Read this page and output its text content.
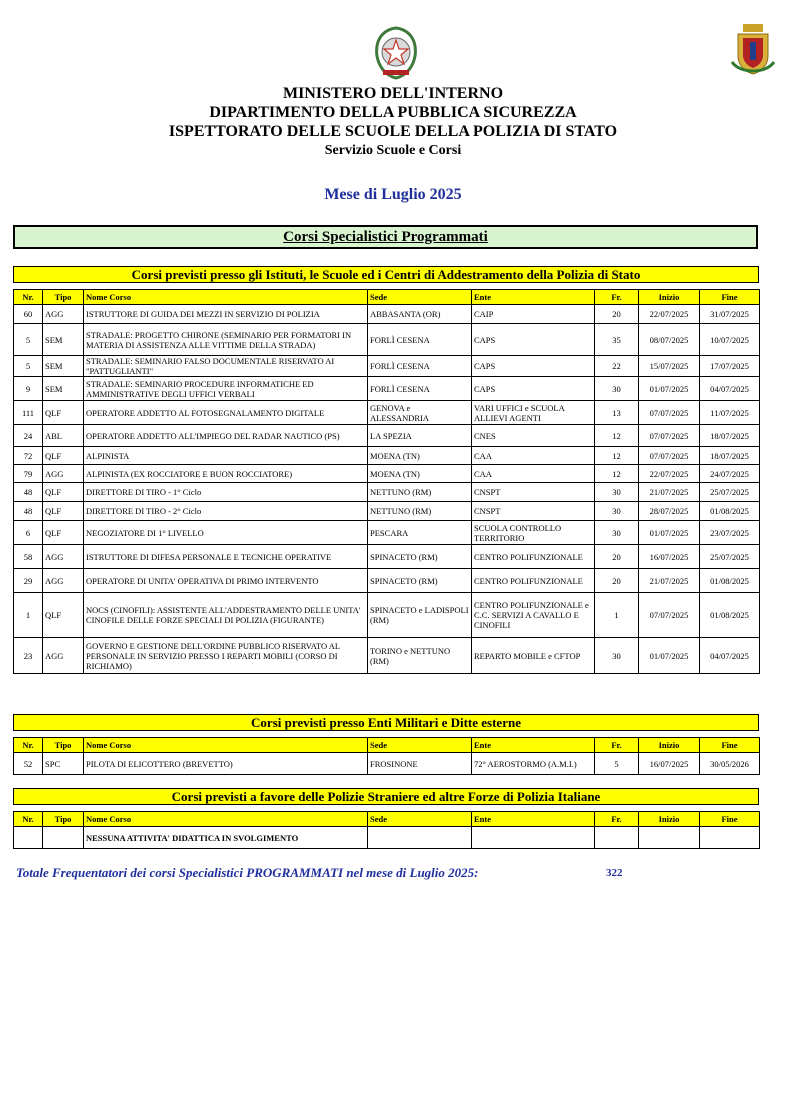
MINISTERO DELL'INTERNO
DIPARTIMENTO DELLA PUBBLICA SICUREZZA
ISPETTORATO DELLE SCUOLE DELLA POLIZIA DI STATO
Servizio Scuole e Corsi
Mese di Luglio 2025
Corsi Specialistici Programmati
Corsi previsti presso gli Istituti, le Scuole ed i Centri di Addestramento della Polizia di Stato
Nr.	Tipo	Nome Corso	Sede	Ente	Fr.	Inizio	Fine
60	AGG	ISTRUTTORE DI GUIDA DEI MEZZI IN SERVIZIO DI POLIZIA	ABBASANTA (OR)	CAIP	20	22/07/2025	31/07/2025
5	SEM	STRADALE: PROGETTO CHIRONE (SEMINARIO PER FORMATORI IN MATERIA DI ASSISTENZA ALLE VITTIME DELLA STRADA)	FORLÌ CESENA	CAPS	35	08/07/2025	10/07/2025
5	SEM	STRADALE: SEMINARIO FALSO DOCUMENTALE RISERVATO AI "PATTUGLIANTI"	FORLÌ CESENA	CAPS	22	15/07/2025	17/07/2025
9	SEM	STRADALE: SEMINARIO PROCEDURE INFORMATICHE ED AMMINISTRATIVE DEGLI UFFICI VERBALI	FORLÌ CESENA	CAPS	30	01/07/2025	04/07/2025
111	QLF	OPERATORE ADDETTO AL FOTOSEGNALAMENTO DIGITALE	GENOVA e ALESSANDRIA	VARI UFFICI e SCUOLA ALLIEVI AGENTI	13	07/07/2025	11/07/2025
24	ABL	OPERATORE ADDETTO ALL'IMPIEGO DEL RADAR NAUTICO (PS)	LA SPEZIA	CNES	12	07/07/2025	18/07/2025
72	QLF	ALPINISTA	MOENA (TN)	CAA	12	07/07/2025	18/07/2025
79	AGG	ALPINISTA (EX ROCCIATORE E BUON ROCCIATORE)	MOENA (TN)	CAA	12	22/07/2025	24/07/2025
48	QLF	DIRETTORE DI TIRO - 1° Ciclo	NETTUNO (RM)	CNSPT	30	21/07/2025	25/07/2025
48	QLF	DIRETTORE DI TIRO - 2° Ciclo	NETTUNO (RM)	CNSPT	30	28/07/2025	01/08/2025
6	QLF	NEGOZIATORE DI 1° LIVELLO	PESCARA	SCUOLA CONTROLLO TERRITORIO	30	01/07/2025	23/07/2025
58	AGG	ISTRUTTORE DI DIFESA PERSONALE E TECNICHE OPERATIVE	SPINACETO (RM)	CENTRO POLIFUNZIONALE	20	16/07/2025	25/07/2025
29	AGG	OPERATORE DI UNITA' OPERATIVA DI PRIMO INTERVENTO	SPINACETO (RM)	CENTRO POLIFUNZIONALE	20	21/07/2025	01/08/2025
1	QLF	NOCS (CINOFILI): ASSISTENTE ALL'ADDESTRAMENTO DELLE UNITA' CINOFILE DELLE FORZE SPECIALI DI POLIZIA (FIGURANTE)	SPINACETO e LADISPOLI (RM)	CENTRO POLIFUNZIONALE e C.C. SERVIZI A CAVALLO E CINOFILI	1	07/07/2025	01/08/2025
23	AGG	GOVERNO E GESTIONE DELL'ORDINE PUBBLICO RISERVATO AL PERSONALE IN SERVIZIO PRESSO I REPARTI MOBILI (CORSO DI RICHIAMO)	TORINO e NETTUNO (RM)	REPARTO MOBILE e CFTOP	30	01/07/2025	04/07/2025
Corsi previsti presso Enti Militari e Ditte esterne
Nr.	Tipo	Nome Corso	Sede	Ente	Fr.	Inizio	Fine
52	SPC	PILOTA DI ELICOTTERO (BREVETTO)	FROSINONE	72° AEROSTORMO (A.M.I.)	5	16/07/2025	30/05/2026
Corsi previsti a favore delle Polizie Straniere ed altre Forze di Polizia Italiane
Nr.	Tipo	Nome Corso	Sede	Ente	Fr.	Inizio	Fine
		NESSUNA ATTIVITA' DIDATTICA IN SVOLGIMENTO					
Totale Frequentatori dei corsi Specialistici PROGRAMMATI nel mese di Luglio 2025:	322
